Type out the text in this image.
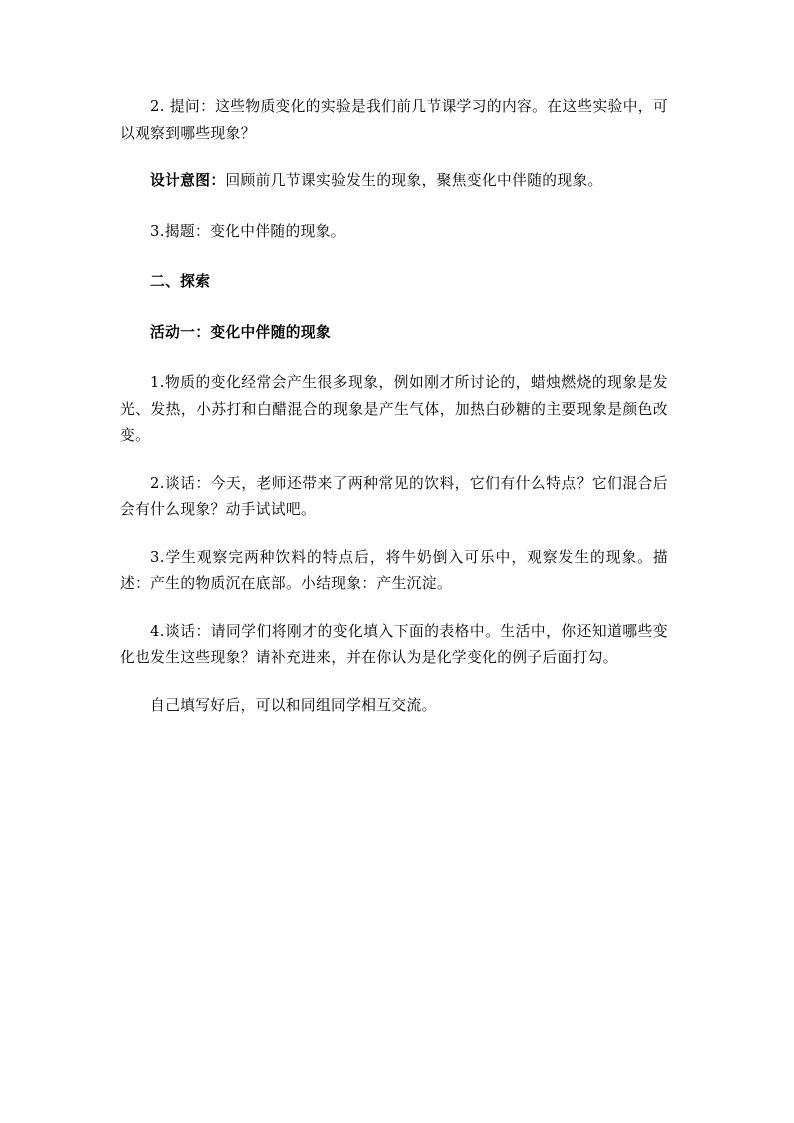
2. 提问：这些物质变化的实验是我们前几节课学习的内容。在这些实验中，可以观察到哪些现象？

设计意图：回顾前几节课实验发生的现象，聚焦变化中伴随的现象。

3.揭题：变化中伴随的现象。

二、探索

活动一：变化中伴随的现象

1.物质的变化经常会产生很多现象，例如刚才所讨论的，蜡烛燃烧的现象是发光、发热，小苏打和白醋混合的现象是产生气体，加热白砂糖的主要现象是颜色改变。

2.谈话：今天，老师还带来了两种常见的饮料，它们有什么特点？它们混合后会有什么现象？动手试试吧。

3.学生观察完两种饮料的特点后，将牛奶倒入可乐中，观察发生的现象。描述：产生的物质沉在底部。小结现象：产生沉淀。

4.谈话：请同学们将刚才的变化填入下面的表格中。生活中，你还知道哪些变化也发生这些现象？请补充进来，并在你认为是化学变化的例子后面打勾。

自己填写好后，可以和同组同学相互交流。
